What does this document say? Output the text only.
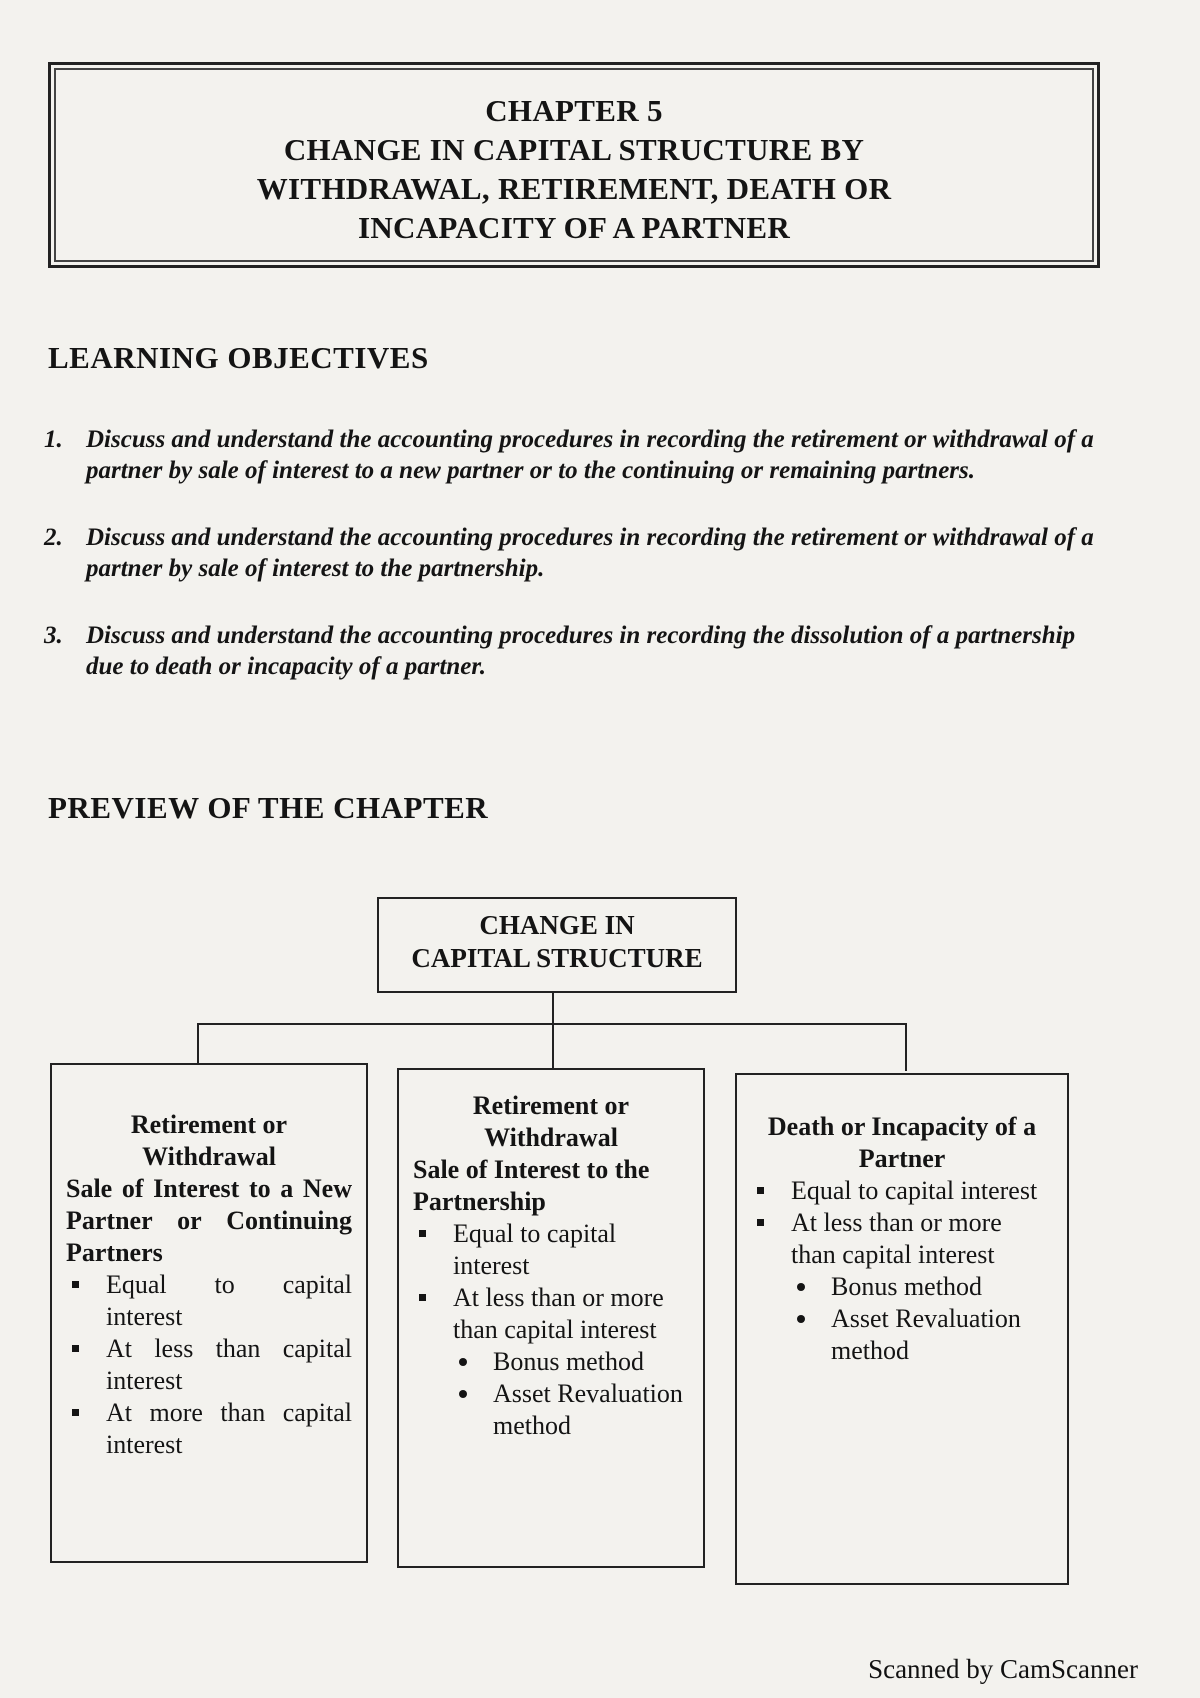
CHAPTER 5
CHANGE IN CAPITAL STRUCTURE BY
WITHDRAWAL, RETIREMENT, DEATH OR
INCAPACITY OF A PARTNER
LEARNING OBJECTIVES
1. Discuss and understand the accounting procedures in recording the retirement or withdrawal of a partner by sale of interest to a new partner or to the continuing or remaining partners.
2. Discuss and understand the accounting procedures in recording the retirement or withdrawal of a partner by sale of interest to the partnership.
3. Discuss and understand the accounting procedures in recording the dissolution of a partnership due to death or incapacity of a partner.
PREVIEW OF THE CHAPTER
CHANGE IN
CAPITAL STRUCTURE
Retirement or Withdrawal
Sale of Interest to a New Partner or Continuing Partners
Equal to capital interest
At less than capital interest
At more than capital interest
Retirement or Withdrawal
Sale of Interest to the Partnership
Equal to capital interest
At less than or more than capital interest
Bonus method
Asset Revaluation method
Death or Incapacity of a Partner
Equal to capital interest
At less than or more than capital interest
Bonus method
Asset Revaluation method
Scanned by CamScanner
